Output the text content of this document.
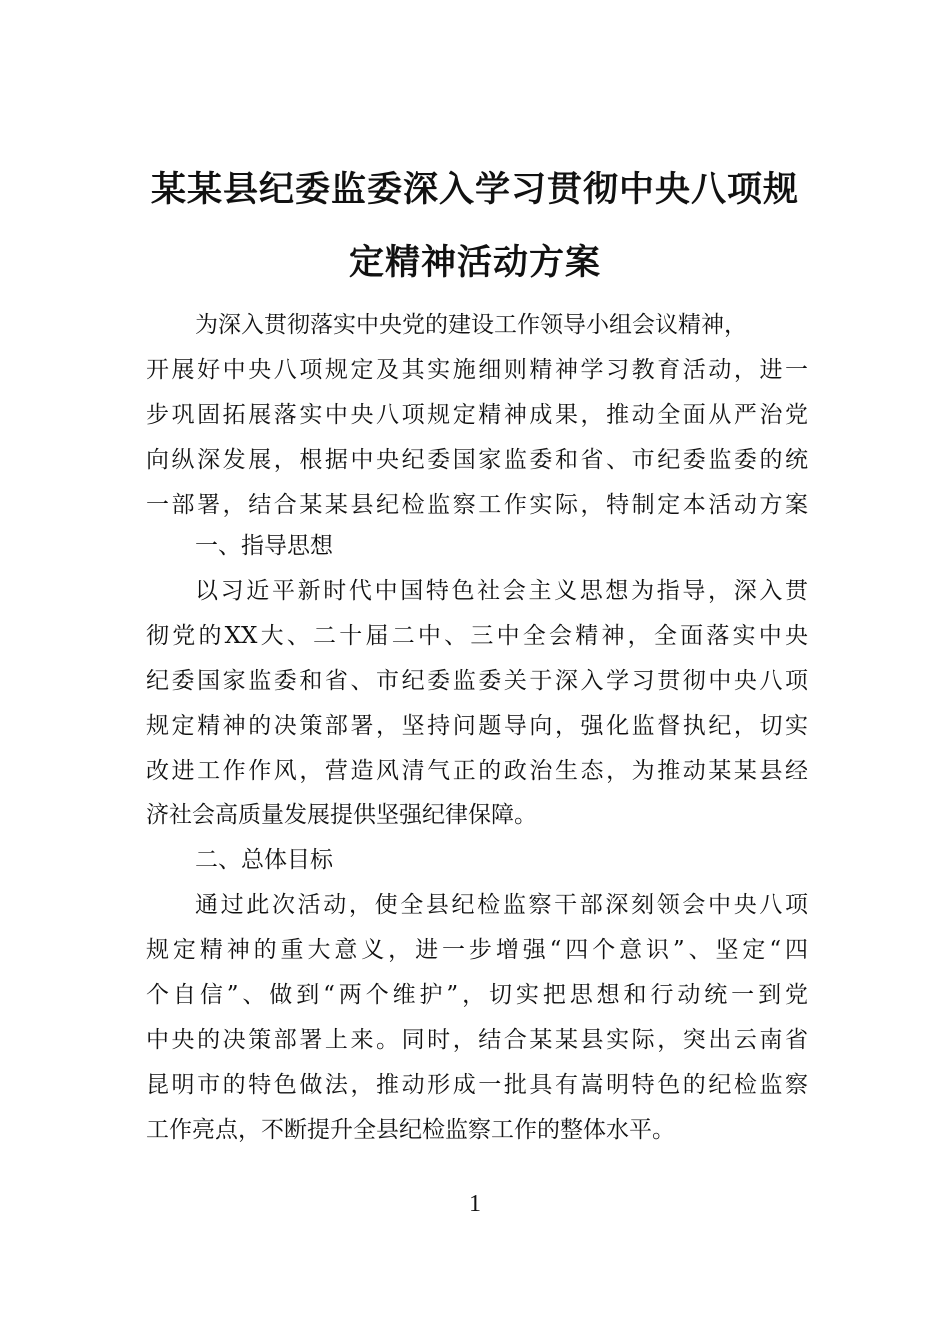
某某县纪委监委深入学习贯彻中央八项规
定精神活动方案

为深入贯彻落实中央党的建设工作领导小组会议精神，

开展好中央八项规定及其实施细则精神学习教育活动，进一

步巩固拓展落实中央八项规定精神成果，推动全面从严治党

向纵深发展，根据中央纪委国家监委和省、市纪委监委的统

一部署，结合某某县纪检监察工作实际，特制定本活动方案

一、指导思想

以习近平新时代中国特色社会主义思想为指导，深入贯

彻党的XX大、二十届二中、三中全会精神，全面落实中央

纪委国家监委和省、市纪委监委关于深入学习贯彻中央八项

规定精神的决策部署，坚持问题导向，强化监督执纪，切实

改进工作作风，营造风清气正的政治生态，为推动某某县经

济社会高质量发展提供坚强纪律保障。

二、总体目标

通过此次活动，使全县纪检监察干部深刻领会中央八项

规定精神的重大意义，进一步增强“四个意识”、坚定“四

个自信”、做到“两个维护”，切实把思想和行动统一到党

中央的决策部署上来。同时，结合某某县实际，突出云南省

昆明市的特色做法，推动形成一批具有嵩明特色的纪检监察

工作亮点，不断提升全县纪检监察工作的整体水平。

1
